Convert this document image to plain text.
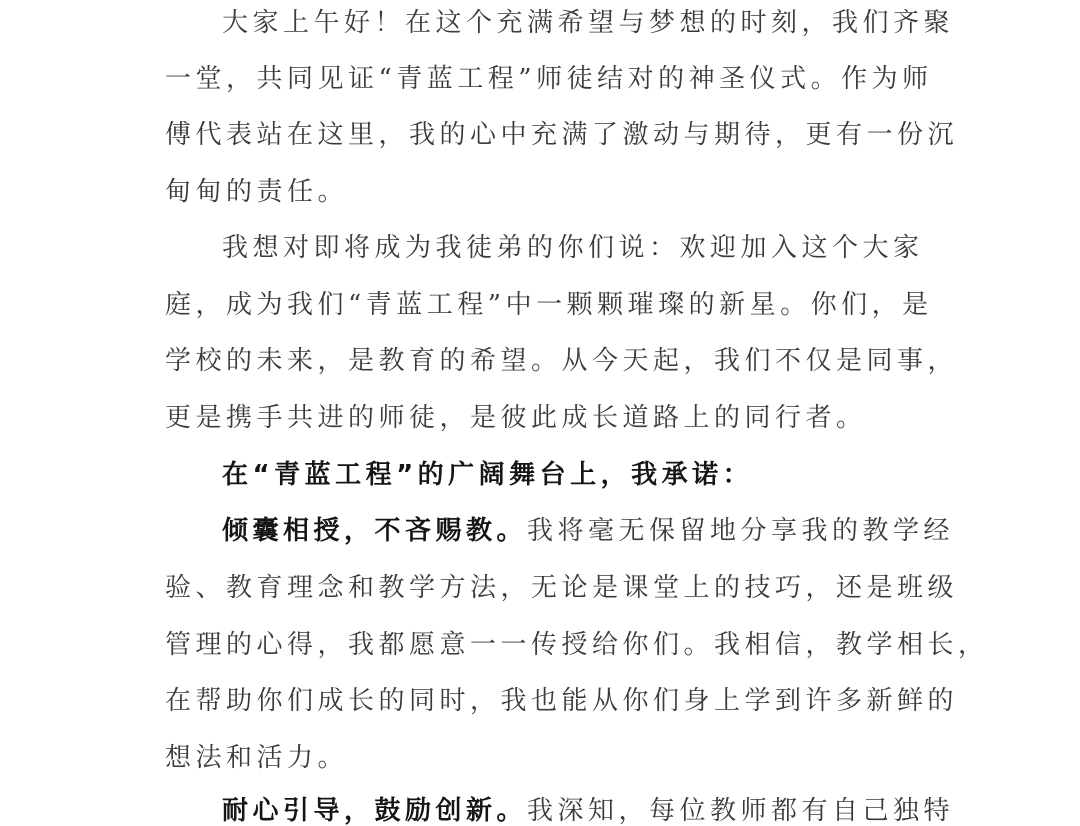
大家上午好！在这个充满希望与梦想的时刻，我们齐聚

一堂，共同见证“青蓝工程”师徒结对的神圣仪式。作为师

傅代表站在这里，我的心中充满了激动与期待，更有一份沉

甸甸的责任。

我想对即将成为我徒弟的你们说：欢迎加入这个大家

庭，成为我们“青蓝工程”中一颗颗璀璨的新星。你们，是

学校的未来，是教育的希望。从今天起，我们不仅是同事，

更是携手共进的师徒，是彼此成长道路上的同行者。

在“青蓝工程”的广阔舞台上，我承诺：

倾囊相授，不吝赐教。我将毫无保留地分享我的教学经

验、教育理念和教学方法，无论是课堂上的技巧，还是班级

管理的心得，我都愿意一一传授给你们。我相信，教学相长，

在帮助你们成长的同时，我也能从你们身上学到许多新鲜的

想法和活力。

耐心引导，鼓励创新。我深知，每位教师都有自己独特
